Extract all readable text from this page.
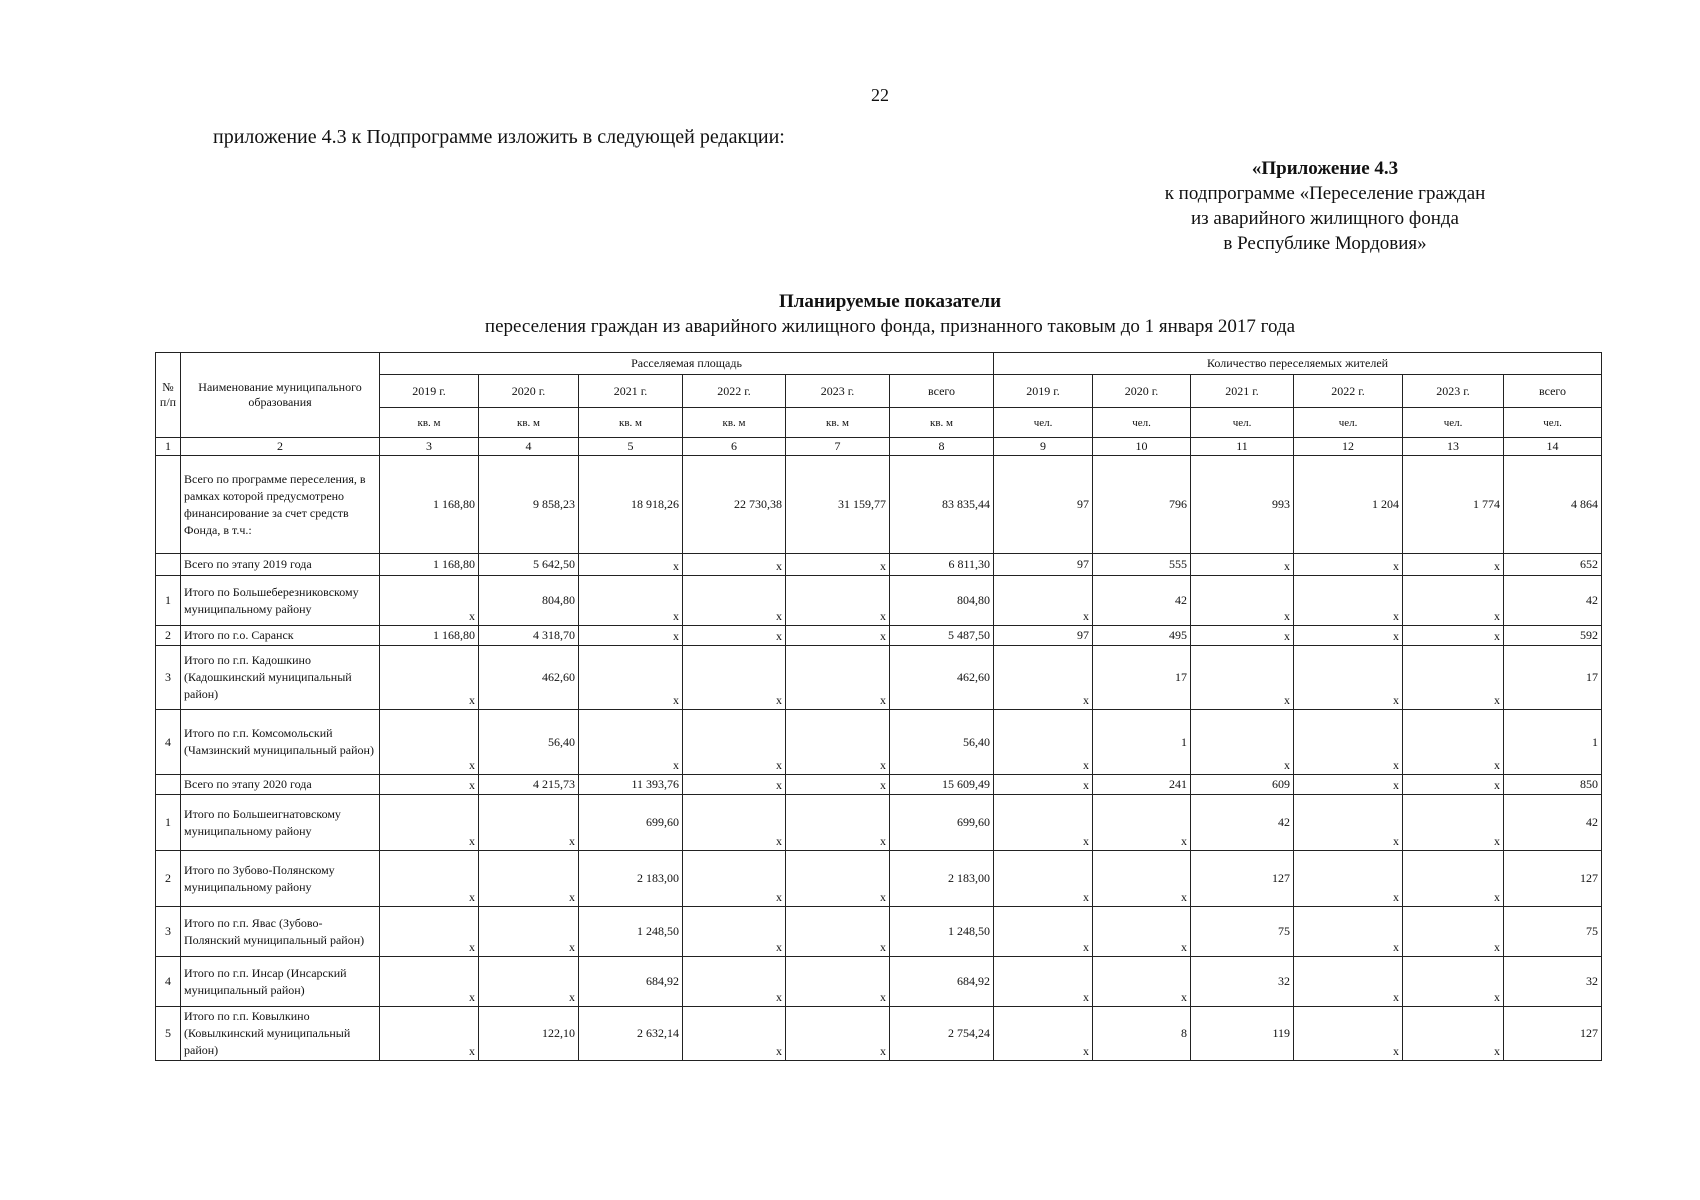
22
приложение 4.3 к Подпрограмме изложить в следующей редакции:
«Приложение 4.3
к подпрограмме «Переселение граждан
из аварийного жилищного фонда
в Республике Мордовия»
Планируемые показатели
переселения граждан из аварийного жилищного фонда, признанного таковым до 1 января 2017 года
№ п/п	Наименование муниципального образования	Расселяемая площадь						Количество переселяемых жителей					
		2019 г.	2020 г.	2021 г.	2022 г.	2023 г.	всего	2019 г.	2020 г.	2021 г.	2022 г.	2023 г.	всего
		кв. м	кв. м	кв. м	кв. м	кв. м	кв. м	чел.	чел.	чел.	чел.	чел.	чел.
1	2	3	4	5	6	7	8	9	10	11	12	13	14
	Всего по программе переселения, в рамках которой предусмотрено финансирование за счет средств Фонда, в т.ч.:	1 168,80	9 858,23	18 918,26	22 730,38	31 159,77	83 835,44	97	796	993	1 204	1 774	4 864
	Всего по этапу 2019 года	1 168,80	5 642,50	x	x	x	6 811,30	97	555	x	x	x	652
1	Итого по Большеберезниковскому муниципальному району	x	804,80	x	x	x	804,80	x	42	x	x	x	42
2	Итого по г.о. Саранск	1 168,80	4 318,70	x	x	x	5 487,50	97	495	x	x	x	592
3	Итого по г.п. Кадошкино (Кадошкинский муниципальный район)	x	462,60	x	x	x	462,60	x	17	x	x	x	17
4	Итого по г.п. Комсомольский (Чамзинский муниципальный район)	x	56,40	x	x	x	56,40	x	1	x	x	x	1
	Всего по этапу 2020 года	x	4 215,73	11 393,76	x	x	15 609,49	x	241	609	x	x	850
1	Итого по Большеигнатовскому муниципальному району	x	x	699,60	x	x	699,60	x	x	42	x	x	42
2	Итого по Зубово-Полянскому муниципальному району	x	x	2 183,00	x	x	2 183,00	x	x	127	x	x	127
3	Итого по г.п. Явас (Зубово-Полянский муниципальный район)	x	x	1 248,50	x	x	1 248,50	x	x	75	x	x	75
4	Итого по г.п. Инсар (Инсарский муниципальный район)	x	x	684,92	x	x	684,92	x	x	32	x	x	32
5	Итого по г.п. Ковылкино (Ковылкинский муниципальный район)	x	122,10	2 632,14	x	x	2 754,24	x	8	119	x	x	127
